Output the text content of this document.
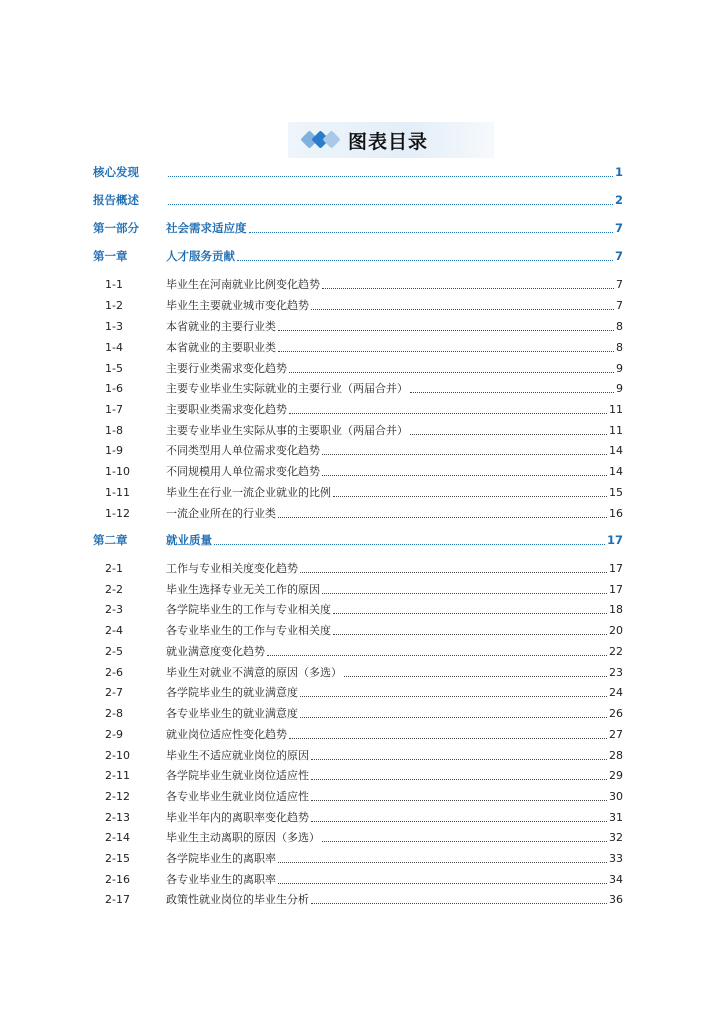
图表目录
核心发现	1
报告概述	2
第一部分	社会需求适应度	7
第一章	人才服务贡献	7
1-1	毕业生在河南就业比例变化趋势	7
1-2	毕业生主要就业城市变化趋势	7
1-3	本省就业的主要行业类	8
1-4	本省就业的主要职业类	8
1-5	主要行业类需求变化趋势	9
1-6	主要专业毕业生实际就业的主要行业（两届合并）	9
1-7	主要职业类需求变化趋势	11
1-8	主要专业毕业生实际从事的主要职业（两届合并）	11
1-9	不同类型用人单位需求变化趋势	14
1-10	不同规模用人单位需求变化趋势	14
1-11	毕业生在行业一流企业就业的比例	15
1-12	一流企业所在的行业类	16
第二章	就业质量	17
2-1	工作与专业相关度变化趋势	17
2-2	毕业生选择专业无关工作的原因	17
2-3	各学院毕业生的工作与专业相关度	18
2-4	各专业毕业生的工作与专业相关度	20
2-5	就业满意度变化趋势	22
2-6	毕业生对就业不满意的原因（多选）	23
2-7	各学院毕业生的就业满意度	24
2-8	各专业毕业生的就业满意度	26
2-9	就业岗位适应性变化趋势	27
2-10	毕业生不适应就业岗位的原因	28
2-11	各学院毕业生就业岗位适应性	29
2-12	各专业毕业生就业岗位适应性	30
2-13	毕业半年内的离职率变化趋势	31
2-14	毕业生主动离职的原因（多选）	32
2-15	各学院毕业生的离职率	33
2-16	各专业毕业生的离职率	34
2-17	政策性就业岗位的毕业生分析	36
